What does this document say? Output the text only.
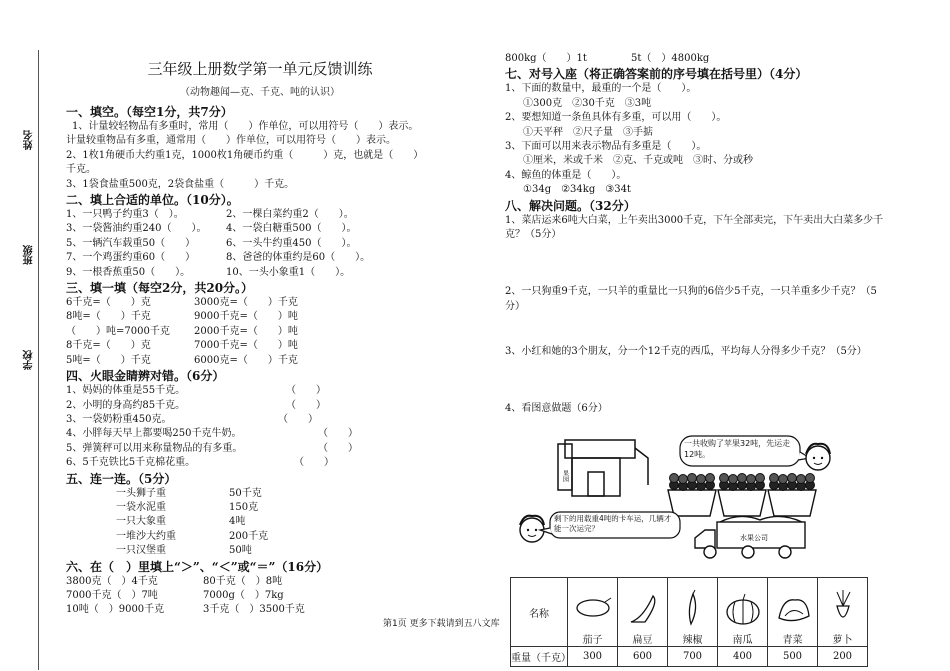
姓名
班级
学校
三年级上册数学第一单元反馈训练
（动物趣闻—克、千克、吨的认识）
一、填空。（每空1分，共7分）
1、计量较轻物品有多重时，常用（　　）作单位，可以用符号（　　）表示。
计量较重物品有多重，通常用（　　）作单位，可以用符号（　　）表示。
2、1枚1角硬币大约重1克，1000枚1角硬币约重（　　　）克，也就是（　　）
千克。
3、1袋食盐重500克，2袋食盐重（　　　）千克。
二、填上合适的单位。（10分）。
1、一只鸭子约重3（　）。	2、一棵白菜约重2（　　）。
3、一袋酱油约重240（　　）。 4、一袋白糖重500（　　）。
5、一辆汽车载重50（　　）	6、一头牛约重450（　　）。
7、一个鸡蛋约重60（　　）	8、爸爸的体重约是60（　　）。
9、一根香蕉重50（　　）。	10、一头小象重1（　　）。
三、填一填（每空2分，共20分。）
6千克=（　　）克	3000克=（　　）千克
8吨=（　　）千克	9000千克=（　　）吨
（　　）吨=7000千克 2000千克=（　　）吨
8千克=（　　）克	7000千克=（　　）吨
5吨=（　　）千克	6000克=（　　）千克
四、火眼金睛辨对错。（6分）
1、妈妈的体重是55千克。	（　　）
2、小明的身高约85千克。	（　　）
3、一袋奶粉重450克。	（　　）
4、小胖每天早上都要喝250千克牛奶。	（　　）
5、弹簧秤可以用来称量物品的有多重。	（　　）
6、5千克铁比5千克棉花重。	（　　）
五、连一连。（5分）
一头狮子重	50千克
一袋水泥重	150克
一只大象重	4吨
一堆沙大约重	200千克
一只汉堡重	50吨
六、在（　）里填上“＞”、“＜”或“＝”（16分）
3800克（　）4千克	80千克（　）8吨
7000千克（　）7吨	7000g（　）7kg
10吨（　）9000千克	3千克（　）3500千克
800kg（　　）1t	5t（　）4800kg
七、对号入座（将正确答案前的序号填在括号里）（4分）
1、下面的数量中，最重的一个是（　　）。
①300克　②30千克　③3吨
2、要想知道一条鱼具体有多重，可以用（　　）。
①天平秤　②尺子量　③手掂
3、下面可以用来表示物品有多重是（　　）。
①厘米，米或千米　②克、千克或吨　③时、分或秒
4、鲸鱼的体重是（　　）。
①34g　②34kg　③34t
八、解决问题。（32分）
1、菜店运来6吨大白菜，上午卖出3000千克，下午全部卖完，下午卖出大白菜多少千克？（5分）
2、一只狗重9千克，一只羊的重量比一只狗的6倍少5千克，一只羊重多少千克？（5分）
3、小红和她的3个朋友，分一个12千克的西瓜，平均每人分得多少千克？（5分）
4、看图意做题（6分）
果园
一共收购了苹果32吨，先运走12吨。
剩下的用载重4吨的卡车运，几辆才能一次运完？
水果公司
名称	茄子	扁豆	辣椒	南瓜	青菜	萝卜

重量（千克）	300	600	700	400	500	200
第1页 更多下载请到五八文库
